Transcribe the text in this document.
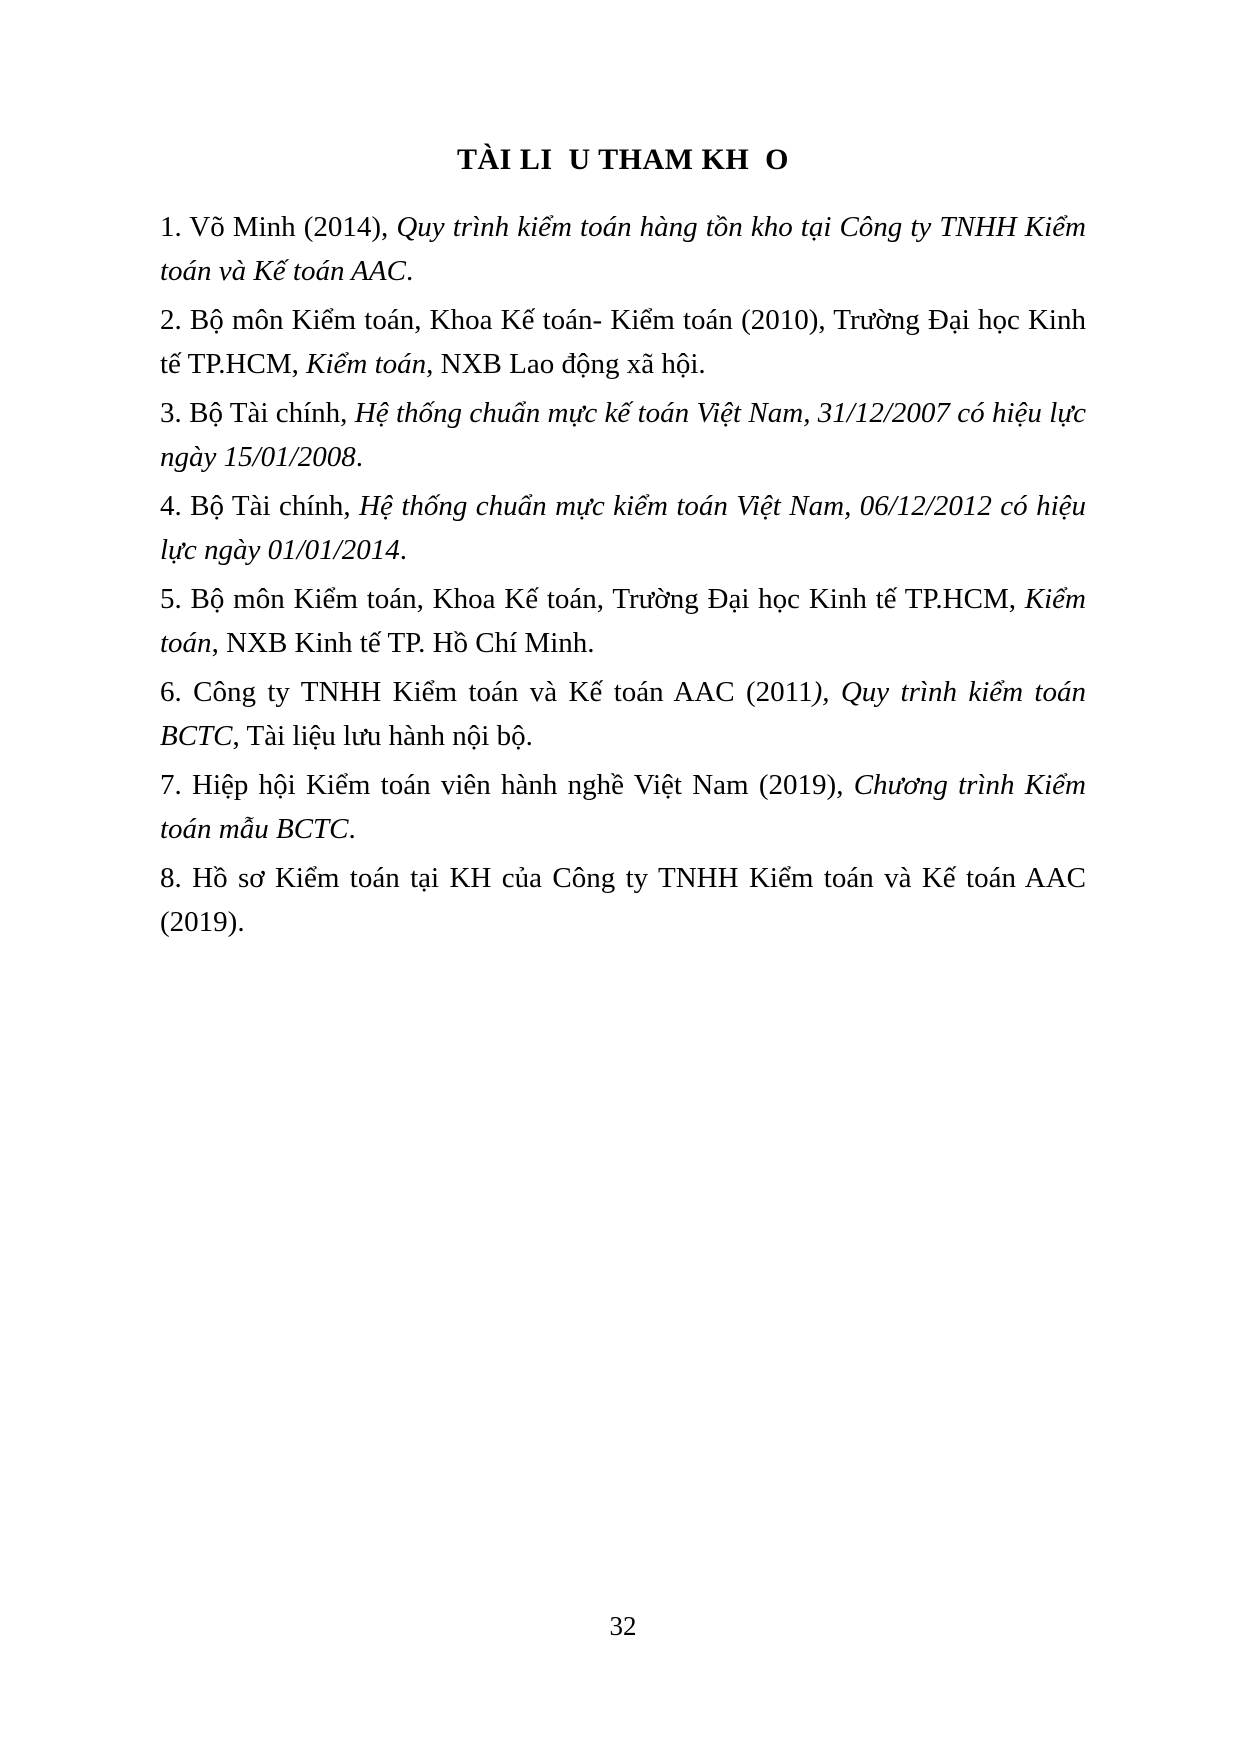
TÀI LI  U THAM KH  O

1. Võ Minh (2014), Quy trình kiểm toán hàng tồn kho tại Công ty TNHH Kiểm toán và Kế toán AAC.

2. Bộ môn Kiểm toán, Khoa Kế toán- Kiểm toán (2010), Trường Đại học Kinh tế TP.HCM, Kiểm toán, NXB Lao động xã hội.

3. Bộ Tài chính, Hệ thống chuẩn mực kế toán Việt Nam, 31/12/2007 có hiệu lực ngày 15/01/2008.

4. Bộ Tài chính, Hệ thống chuẩn mực kiểm toán Việt Nam, 06/12/2012 có hiệu lực ngày 01/01/2014.

5. Bộ môn Kiểm toán, Khoa Kế toán, Trường Đại học Kinh tế TP.HCM, Kiểm toán, NXB Kinh tế TP. Hồ Chí Minh.

6. Công ty TNHH Kiểm toán và Kế toán AAC (2011), Quy trình kiểm toán BCTC, Tài liệu lưu hành nội bộ.

7. Hiệp hội Kiểm toán viên hành nghề Việt Nam (2019), Chương trình Kiểm toán mẫu BCTC.

8. Hồ sơ Kiểm toán tại KH của Công ty TNHH Kiểm toán và Kế toán AAC (2019).

32
